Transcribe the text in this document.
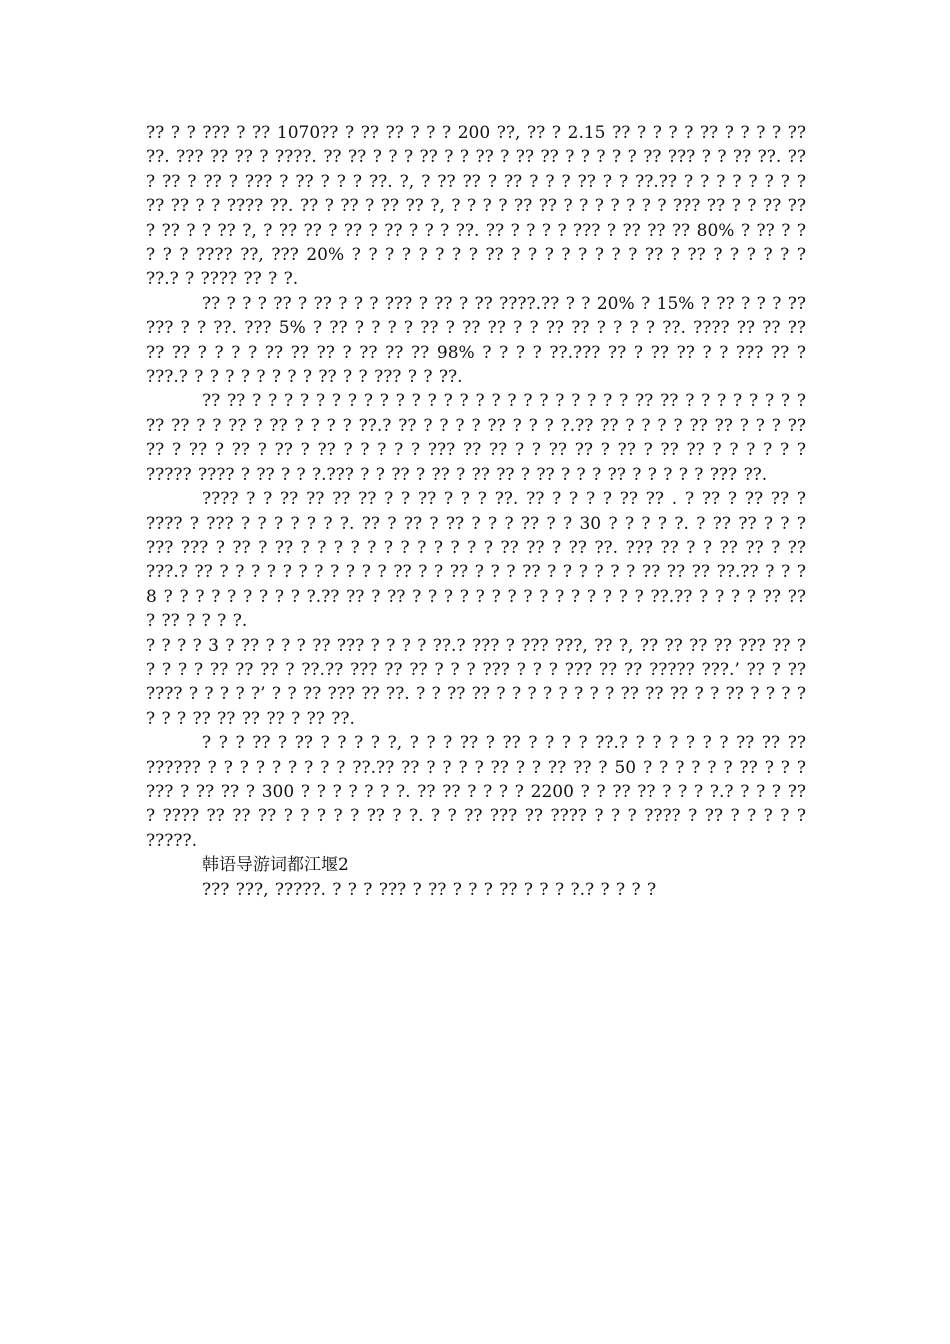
?? ? ? ??? ? ?? 1070?? ? ?? ?? ? ? ? 200 ??, ?? ? 2.15 ?? ? ? ? ? ?? ? ? ? ? ?? ??. ??? ?? ?? ? ????. ?? ?? ? ? ? ?? ? ? ?? ? ?? ?? ? ? ? ? ? ?? ??? ? ? ?? ??. ?? ? ?? ? ?? ? ??? ? ?? ? ? ? ??. ?, ? ?? ?? ? ?? ? ? ? ?? ? ? ??.?? ? ? ? ? ? ? ? ? ?? ?? ? ? ???? ??. ?? ? ?? ? ?? ?? ?, ? ? ? ? ?? ?? ? ? ? ? ? ? ? ??? ?? ? ? ?? ?? ? ?? ? ? ?? ?, ? ?? ?? ? ?? ? ?? ? ? ? ??. ?? ? ? ? ? ??? ? ?? ?? ?? 80% ? ?? ? ? ? ? ? ???? ??, ??? 20% ? ? ? ? ? ? ? ? ?? ? ? ? ? ? ? ? ? ?? ? ?? ? ? ? ? ? ? ??.? ? ???? ?? ? ?.

?? ? ? ? ?? ? ?? ? ? ? ??? ? ?? ? ?? ????.?? ? ? 20% ? 15% ? ?? ? ? ? ?? ??? ? ? ??. ??? 5% ? ?? ? ? ? ? ?? ? ?? ?? ? ? ?? ?? ? ? ? ? ??. ???? ?? ?? ?? ?? ?? ? ? ? ? ?? ?? ?? ? ?? ?? ?? 98% ? ? ? ? ??.??? ?? ? ?? ?? ? ? ??? ?? ? ???.? ? ? ? ? ? ? ? ? ?? ? ? ??? ? ? ??.

?? ?? ? ? ? ? ? ? ? ? ? ? ? ? ? ? ? ? ? ? ? ? ? ? ? ? ?? ?? ? ? ? ? ? ? ? ? ?? ?? ? ? ?? ? ?? ? ? ? ? ??.? ?? ? ? ? ? ?? ? ? ? ?.?? ?? ? ? ? ? ?? ?? ? ? ? ?? ?? ? ?? ? ?? ? ?? ? ?? ? ? ? ? ? ??? ?? ?? ? ? ?? ?? ? ?? ? ?? ?? ? ? ? ? ? ? ????? ???? ? ?? ? ? ?.??? ? ? ?? ? ?? ? ?? ?? ? ?? ? ? ? ?? ? ? ? ? ? ??? ??.

???? ? ? ?? ?? ?? ?? ? ? ?? ? ? ? ??. ?? ? ? ? ? ?? ?? . ? ?? ? ?? ?? ? ???? ? ??? ? ? ? ? ? ? ?. ?? ? ?? ? ?? ? ? ? ?? ? ? 30 ? ? ? ? ?. ? ?? ?? ? ? ? ??? ??? ? ?? ? ?? ? ? ? ? ? ? ? ? ? ? ? ? ?? ?? ? ?? ??. ??? ?? ? ? ?? ?? ? ?? ???.? ?? ? ? ? ? ? ? ? ? ? ? ? ?? ? ? ?? ? ? ? ?? ? ? ? ? ? ? ?? ?? ?? ??.?? ? ? ?8 ? ? ? ? ? ? ? ? ? ?.?? ?? ? ?? ? ? ? ? ? ? ? ? ? ? ? ? ? ? ? ??.?? ? ? ? ? ?? ?? ? ?? ? ? ? ?.

? ? ? ? 3 ? ?? ? ? ? ?? ??? ? ? ? ? ??.? ??? ? ??? ???, ?? ?, ?? ?? ?? ?? ??? ?? ? ? ? ? ? ?? ?? ?? ? ??.?? ??? ?? ?? ? ? ? ??? ? ? ? ??? ?? ?? ????? ???.’ ?? ? ?? ???? ? ? ? ? ?’ ? ? ?? ??? ?? ??. ? ? ?? ?? ? ? ? ? ? ? ? ? ?? ?? ?? ? ? ?? ? ? ? ? ? ? ? ?? ?? ?? ?? ? ?? ??.

? ? ? ?? ? ?? ? ? ? ? ?, ? ? ? ?? ? ?? ? ? ? ? ??.? ? ? ? ? ? ? ?? ?? ?? ?????? ? ? ? ? ? ? ? ? ? ??.?? ?? ? ? ? ? ?? ? ? ?? ?? ? 50 ? ? ? ? ? ? ?? ? ? ? ??? ? ?? ?? ? 300 ? ? ? ? ? ? ?. ?? ?? ? ? ? ? 2200 ? ? ?? ?? ? ? ? ?.? ? ? ? ?? ? ???? ?? ?? ?? ? ? ? ? ? ?? ? ?. ? ? ?? ??? ?? ???? ? ? ? ???? ? ?? ? ? ? ? ? ?????.

韩语导游词都江堰2

??? ???, ?????. ? ? ? ??? ? ?? ? ? ? ?? ? ? ? ?.? ? ? ? ?
